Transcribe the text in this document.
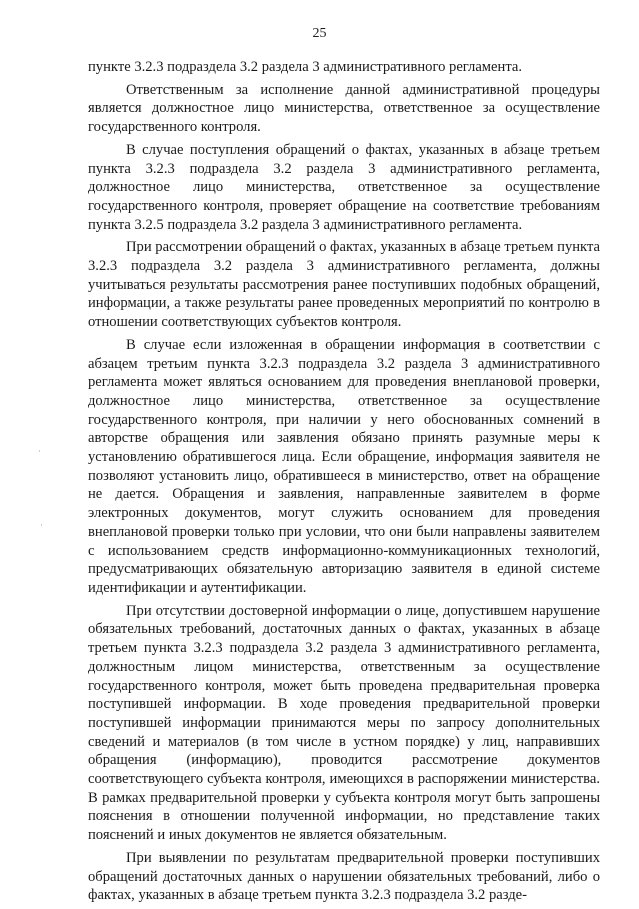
25

пункте 3.2.3 подраздела 3.2 раздела 3 административного регламента.

Ответственным за исполнение данной административной процедуры является должностное лицо министерства, ответственное за осуществление государственного контроля.

В случае поступления обращений о фактах, указанных в абзаце третьем пункта 3.2.3 подраздела 3.2 раздела 3 административного регламента, должностное лицо министерства, ответственное за осуществление государственного контроля, проверяет обращение на соответствие требованиям пункта 3.2.5 подраздела 3.2 раздела 3 административного регламента.

При рассмотрении обращений о фактах, указанных в абзаце третьем пункта 3.2.3 подраздела 3.2 раздела 3 административного регламента, должны учитываться результаты рассмотрения ранее поступивших подобных обращений, информации, а также результаты ранее проведенных мероприятий по контролю в отношении соответствующих субъектов контроля.

В случае если изложенная в обращении информация в соответствии с абзацем третьим пункта 3.2.3 подраздела 3.2 раздела 3 административного регламента может являться основанием для проведения внеплановой проверки, должностное лицо министерства, ответственное за осуществление государственного контроля, при наличии у него обоснованных сомнений в авторстве обращения или заявления обязано принять разумные меры к установлению обратившегося лица. Если обращение, информация заявителя не позволяют установить лицо, обратившееся в министерство, ответ на обращение не дается. Обращения и заявления, направленные заявителем в форме электронных документов, могут служить основанием для проведения внеплановой проверки только при условии, что они были направлены заявителем с использованием средств информационно-коммуникационных технологий, предусматривающих обязательную авторизацию заявителя в единой системе идентификации и аутентификации.

При отсутствии достоверной информации о лице, допустившем нарушение обязательных требований, достаточных данных о фактах, указанных в абзаце третьем пункта 3.2.3 подраздела 3.2 раздела 3 административного регламента, должностным лицом министерства, ответственным за осуществление государственного контроля, может быть проведена предварительная проверка поступившей информации. В ходе проведения предварительной проверки поступившей информации принимаются меры по запросу дополнительных сведений и материалов (в том числе в устном порядке) у лиц, направивших обращения (информацию), проводится рассмотрение документов соответствующего субъекта контроля, имеющихся в распоряжении министерства. В рамках предварительной проверки у субъекта контроля могут быть запрошены пояснения в отношении полученной информации, но представление таких пояснений и иных документов не является обязательным.

При выявлении по результатам предварительной проверки поступивших обращений достаточных данных о нарушении обязательных требований, либо о фактах, указанных в абзаце третьем пункта 3.2.3 подраздела 3.2 разде-

·
·
